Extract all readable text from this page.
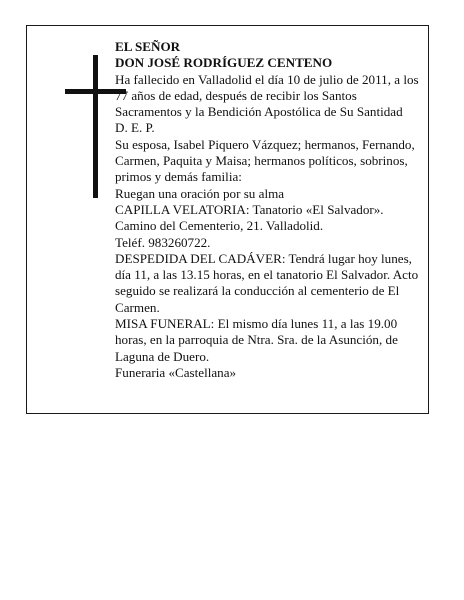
EL SEÑOR

DON JOSÉ RODRÍGUEZ CENTENO

Ha fallecido en Valladolid el día 10 de julio de 2011, a los 77 años de edad, después de recibir los Santos Sacramentos y la Bendición Apostólica de Su Santidad

D. E. P.

Su esposa, Isabel Piquero Vázquez; hermanos, Fernando, Carmen, Paquita y Maisa; hermanos políticos, sobrinos, primos y demás familia:

Ruegan una oración por su alma

CAPILLA VELATORIA: Tanatorio «El Salvador». Camino del Cementerio, 21. Valladolid.

Teléf. 983260722.

DESPEDIDA DEL CADÁVER: Tendrá lugar hoy lunes, día 11, a las 13.15 horas, en el tanatorio El Salvador. Acto seguido se realizará la conducción al cementerio de El Carmen.

MISA FUNERAL: El mismo día lunes 11, a las 19.00 horas, en la parroquia de Ntra. Sra. de la Asunción, de Laguna de Duero.

Funeraria «Castellana»
